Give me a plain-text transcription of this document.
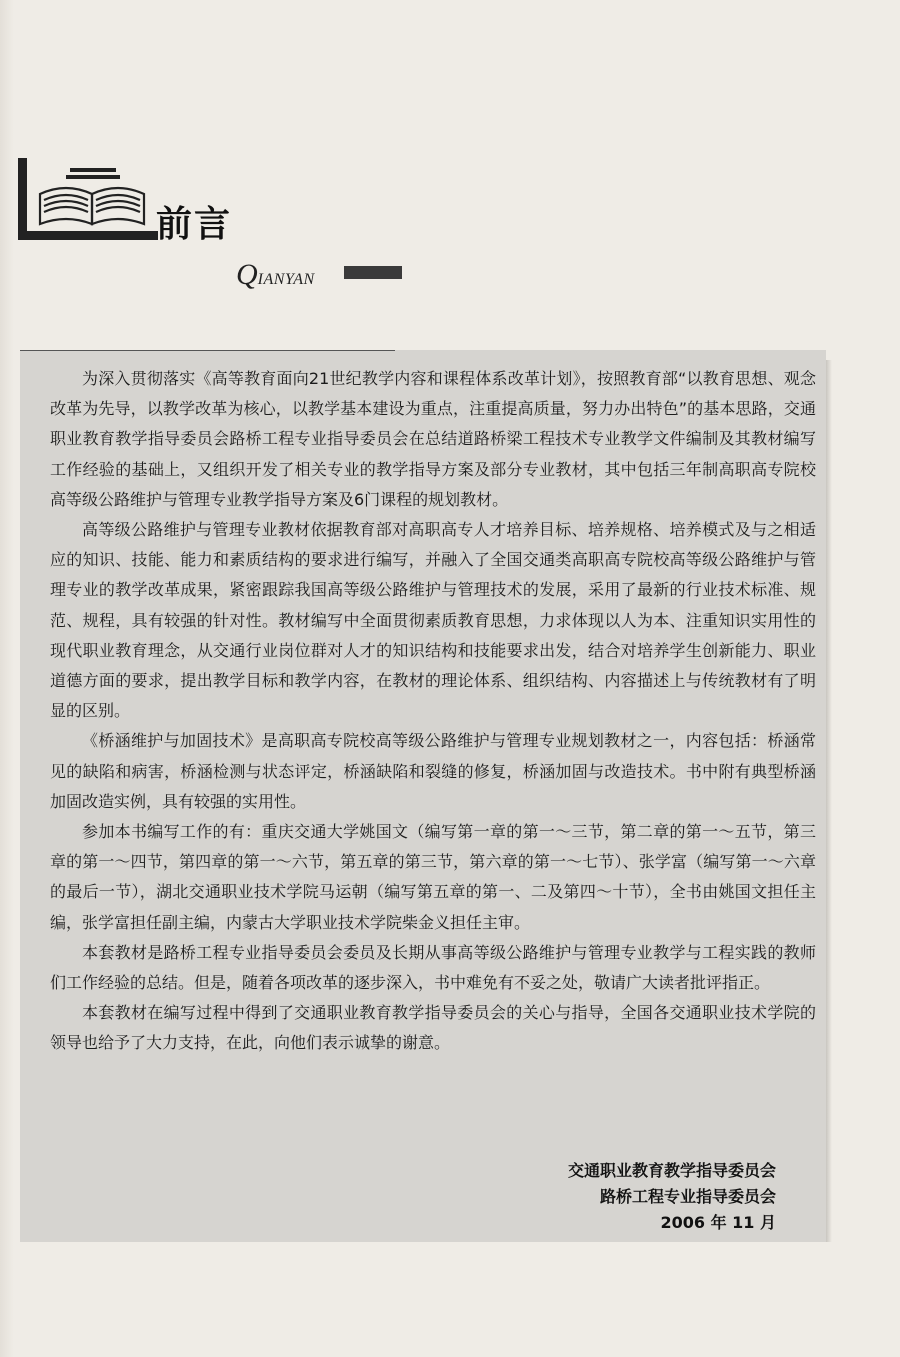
前言
QIANYAN

为深入贯彻落实《高等教育面向21世纪教学内容和课程体系改革计划》，按照教育部“以教育思想、观念改革为先导，以教学改革为核心，以教学基本建设为重点，注重提高质量，努力办出特色”的基本思路，交通职业教育教学指导委员会路桥工程专业指导委员会在总结道路桥梁工程技术专业教学文件编制及其教材编写工作经验的基础上，又组织开发了相关专业的教学指导方案及部分专业教材，其中包括三年制高职高专院校高等级公路维护与管理专业教学指导方案及6门课程的规划教材。

高等级公路维护与管理专业教材依据教育部对高职高专人才培养目标、培养规格、培养模式及与之相适应的知识、技能、能力和素质结构的要求进行编写，并融入了全国交通类高职高专院校高等级公路维护与管理专业的教学改革成果，紧密跟踪我国高等级公路维护与管理技术的发展，采用了最新的行业技术标准、规范、规程，具有较强的针对性。教材编写中全面贯彻素质教育思想，力求体现以人为本、注重知识实用性的现代职业教育理念，从交通行业岗位群对人才的知识结构和技能要求出发，结合对培养学生创新能力、职业道德方面的要求，提出教学目标和教学内容，在教材的理论体系、组织结构、内容描述上与传统教材有了明显的区别。

《桥涵维护与加固技术》是高职高专院校高等级公路维护与管理专业规划教材之一，内容包括：桥涵常见的缺陷和病害，桥涵检测与状态评定，桥涵缺陷和裂缝的修复，桥涵加固与改造技术。书中附有典型桥涵加固改造实例，具有较强的实用性。

参加本书编写工作的有：重庆交通大学姚国文（编写第一章的第一～三节，第二章的第一～五节，第三章的第一～四节，第四章的第一～六节，第五章的第三节，第六章的第一～七节）、张学富（编写第一～六章的最后一节），湖北交通职业技术学院马运朝（编写第五章的第一、二及第四～十节），全书由姚国文担任主编，张学富担任副主编，内蒙古大学职业技术学院柴金义担任主审。

本套教材是路桥工程专业指导委员会委员及长期从事高等级公路维护与管理专业教学与工程实践的教师们工作经验的总结。但是，随着各项改革的逐步深入，书中难免有不妥之处，敬请广大读者批评指正。

本套教材在编写过程中得到了交通职业教育教学指导委员会的关心与指导，全国各交通职业技术学院的领导也给予了大力支持，在此，向他们表示诚挚的谢意。

交通职业教育教学指导委员会
路桥工程专业指导委员会
2006 年 11 月
